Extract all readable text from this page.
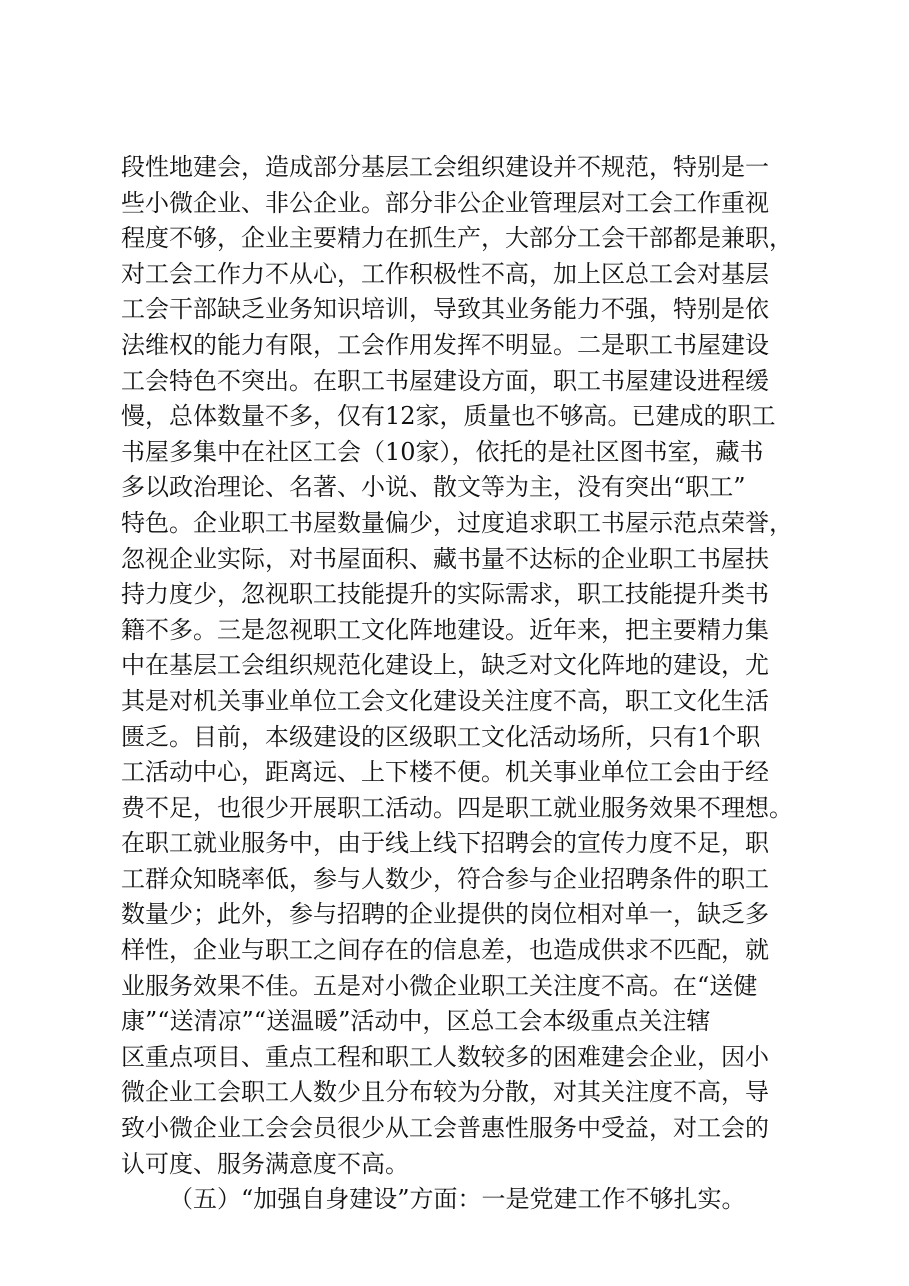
段性地建会，造成部分基层工会组织建设并不规范，特别是一
些小微企业、非公企业。部分非公企业管理层对工会工作重视
程度不够，企业主要精力在抓生产，大部分工会干部都是兼职，
对工会工作力不从心，工作积极性不高，加上区总工会对基层
工会干部缺乏业务知识培训，导致其业务能力不强，特别是依
法维权的能力有限，工会作用发挥不明显。二是职工书屋建设
工会特色不突出。在职工书屋建设方面，职工书屋建设进程缓
慢，总体数量不多，仅有12家，质量也不够高。已建成的职工
书屋多集中在社区工会（10家），依托的是社区图书室，藏书
多以政治理论、名著、小说、散文等为主，没有突出“职工”
特色。企业职工书屋数量偏少，过度追求职工书屋示范点荣誉，
忽视企业实际，对书屋面积、藏书量不达标的企业职工书屋扶
持力度少，忽视职工技能提升的实际需求，职工技能提升类书
籍不多。三是忽视职工文化阵地建设。近年来，把主要精力集
中在基层工会组织规范化建设上，缺乏对文化阵地的建设，尤
其是对机关事业单位工会文化建设关注度不高，职工文化生活
匮乏。目前，本级建设的区级职工文化活动场所，只有1个职
工活动中心，距离远、上下楼不便。机关事业单位工会由于经
费不足，也很少开展职工活动。四是职工就业服务效果不理想。
在职工就业服务中，由于线上线下招聘会的宣传力度不足，职
工群众知晓率低，参与人数少，符合参与企业招聘条件的职工
数量少；此外，参与招聘的企业提供的岗位相对单一，缺乏多
样性，企业与职工之间存在的信息差，也造成供求不匹配，就
业服务效果不佳。五是对小微企业职工关注度不高。在“送健
康”“送清凉”“送温暖”活动中，区总工会本级重点关注辖
区重点项目、重点工程和职工人数较多的困难建会企业，因小
微企业工会职工人数少且分布较为分散，对其关注度不高，导
致小微企业工会会员很少从工会普惠性服务中受益，对工会的
认可度、服务满意度不高。
（五）“加强自身建设”方面：一是党建工作不够扎实。
